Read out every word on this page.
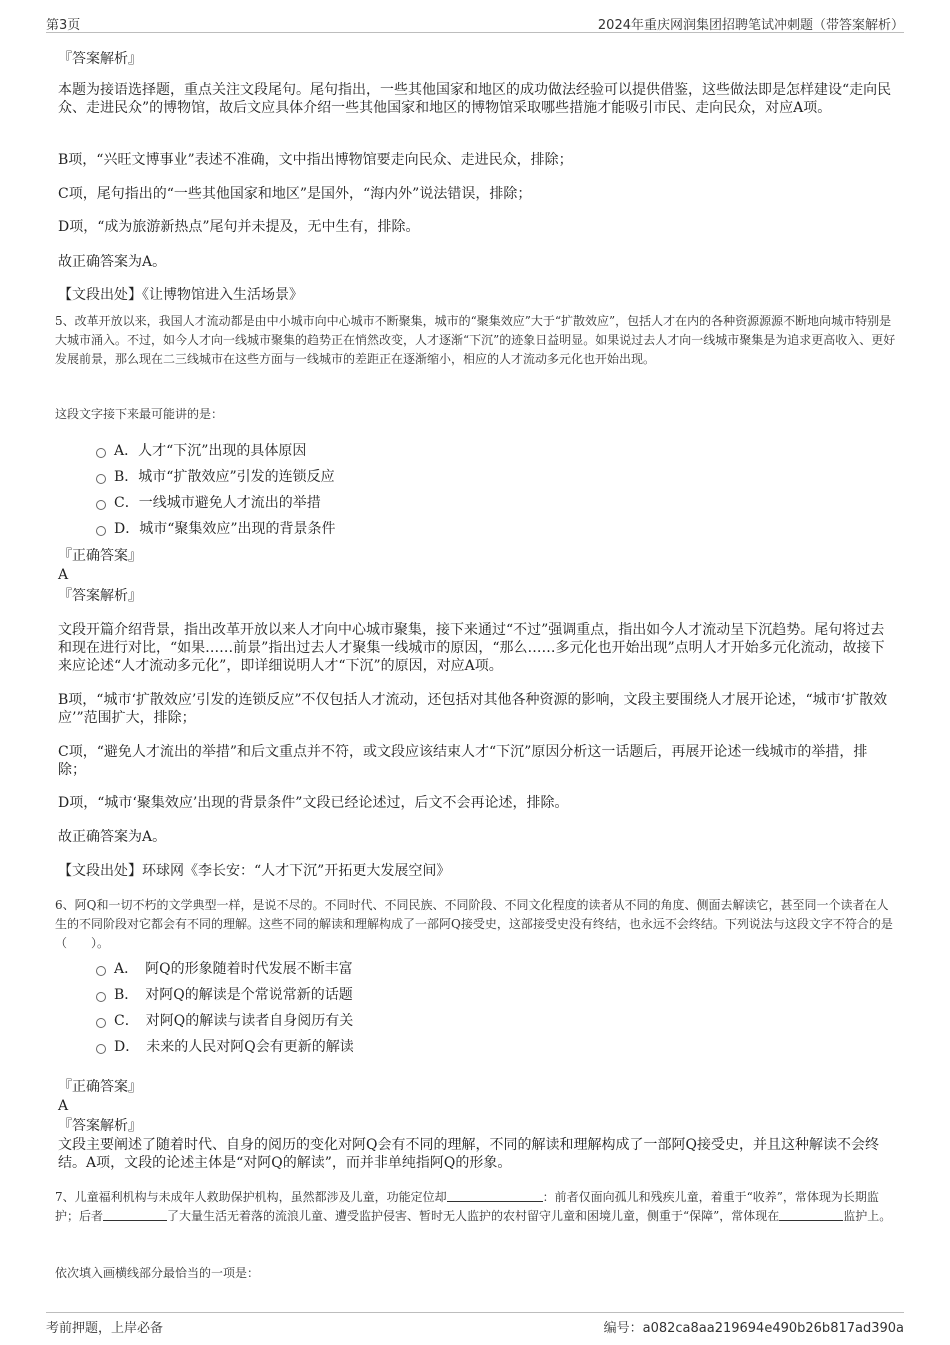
第3页	2024年重庆网润集团招聘笔试冲刺题（带答案解析）
『答案解析』
本题为接语选择题，重点关注文段尾句。尾句指出，一些其他国家和地区的成功做法经验可以提供借鉴，这些做法即是怎样建设“走向民众、走进民众”的博物馆，故后文应具体介绍一些其他国家和地区的博物馆采取哪些措施才能吸引市民、走向民众，对应A项。
B项，“兴旺文博事业”表述不准确，文中指出博物馆要走向民众、走进民众，排除；
C项，尾句指出的“一些其他国家和地区”是国外，“海内外”说法错误，排除；
D项，“成为旅游新热点”尾句并未提及，无中生有，排除。
故正确答案为A。
【文段出处】《让博物馆进入生活场景》
5、改革开放以来，我国人才流动都是由中小城市向中心城市不断聚集，城市的“聚集效应”大于“扩散效应”，包括人才在内的各种资源源源不断地向城市特别是大城市涌入。不过，如今人才向一线城市聚集的趋势正在悄然改变，人才逐渐“下沉”的迹象日益明显。如果说过去人才向一线城市聚集是为追求更高收入、更好发展前景，那么现在二三线城市在这些方面与一线城市的差距正在逐渐缩小，相应的人才流动多元化也开始出现。
这段文字接下来最可能讲的是：
A．人才“下沉”出现的具体原因
B．城市“扩散效应”引发的连锁反应
C．一线城市避免人才流出的举措
D．城市“聚集效应”出现的背景条件
『正确答案』
A
『答案解析』
文段开篇介绍背景，指出改革开放以来人才向中心城市聚集，接下来通过“不过”强调重点，指出如今人才流动呈下沉趋势。尾句将过去和现在进行对比，“如果……前景”指出过去人才聚集一线城市的原因，“那么……多元化也开始出现”点明人才开始多元化流动，故接下来应论述“人才流动多元化”，即详细说明人才“下沉”的原因，对应A项。
B项，“城市‘扩散效应’引发的连锁反应”不仅包括人才流动，还包括对其他各种资源的影响，文段主要围绕人才展开论述，“城市‘扩散效应’”范围扩大，排除；
C项，“避免人才流出的举措”和后文重点并不符，或文段应该结束人才“下沉”原因分析这一话题后，再展开论述一线城市的举措，排除；
D项，“城市‘聚集效应’出现的背景条件”文段已经论述过，后文不会再论述，排除。
故正确答案为A。
【文段出处】环球网《李长安：“人才下沉”开拓更大发展空间》
6、阿Q和一切不朽的文学典型一样，是说不尽的。不同时代、不同民族、不同阶段、不同文化程度的读者从不同的角度、侧面去解读它，甚至同一个读者在人生的不同阶段对它都会有不同的理解。这些不同的解读和理解构成了一部阿Q接受史，这部接受史没有终结，也永远不会终结。下列说法与这段文字不符合的是（　　）。
A．　阿Q的形象随着时代发展不断丰富
B．　对阿Q的解读是个常说常新的话题
C．　对阿Q的解读与读者自身阅历有关
D．　未来的人民对阿Q会有更新的解读
『正确答案』
A
『答案解析』
文段主要阐述了随着时代、自身的阅历的变化对阿Q会有不同的理解，不同的解读和理解构成了一部阿Q接受史，并且这种解读不会终结。A项，文段的论述主体是“对阿Q的解读”，而并非单纯指阿Q的形象。
7、儿童福利机构与未成年人救助保护机构，虽然都涉及儿童，功能定位却	：前者仅面向孤儿和残疾儿童，着重于“收养”，常体现为长期监护；后者	了大量生活无着落的流浪儿童、遭受监护侵害、暂时无人监护的农村留守儿童和困境儿童，侧重于“保障”，常体现在	监护上。
依次填入画横线部分最恰当的一项是：
考前押题，上岸必备	编号：a082ca8aa219694e490b26b817ad390a
